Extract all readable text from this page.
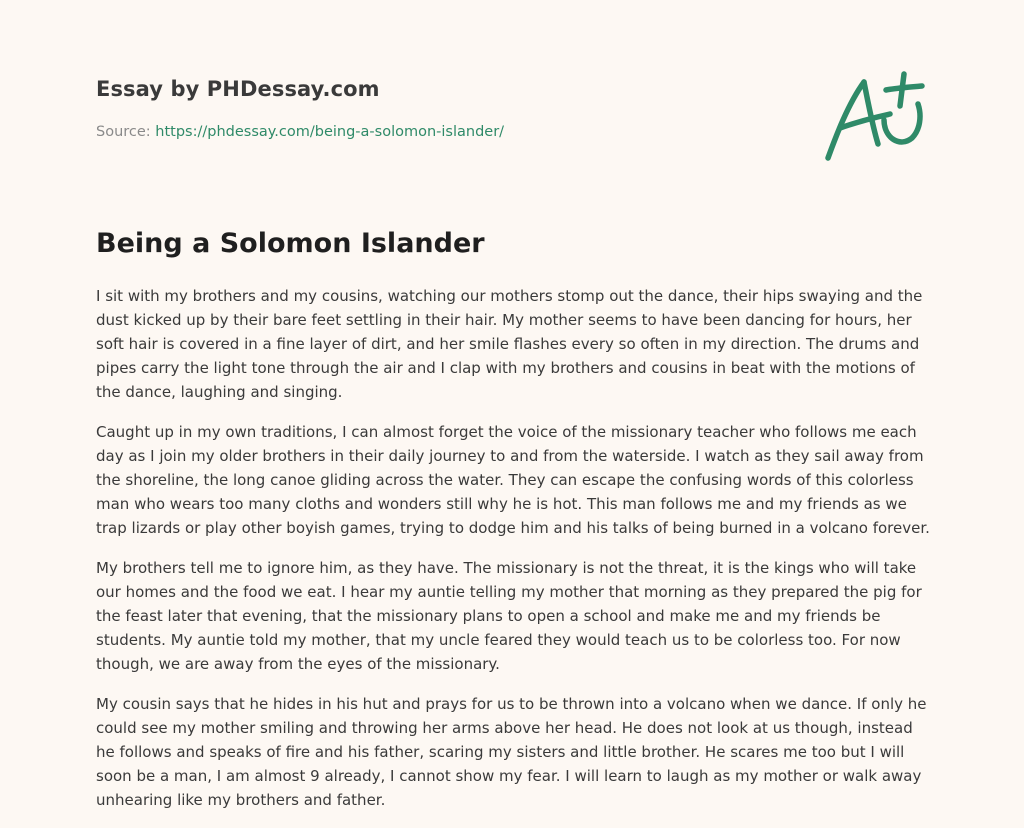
Essay by PHDessay.com
Source: https://phdessay.com/being-a-solomon-islander/
Being a Solomon Islander

I sit with my brothers and my cousins, watching our mothers stomp out the dance, their hips swaying and the dust kicked up by their bare feet settling in their hair. My mother seems to have been dancing for hours, her soft hair is covered in a fine layer of dirt, and her smile flashes every so often in my direction. The drums and pipes carry the light tone through the air and I clap with my brothers and cousins in beat with the motions of the dance, laughing and singing.

Caught up in my own traditions, I can almost forget the voice of the missionary teacher who follows me each day as I join my older brothers in their daily journey to and from the waterside. I watch as they sail away from the shoreline, the long canoe gliding across the water. They can escape the confusing words of this colorless man who wears too many cloths and wonders still why he is hot. This man follows me and my friends as we trap lizards or play other boyish games, trying to dodge him and his talks of being burned in a volcano forever.

My brothers tell me to ignore him, as they have. The missionary is not the threat, it is the kings who will take our homes and the food we eat. I hear my auntie telling my mother that morning as they prepared the pig for the feast later that evening, that the missionary plans to open a school and make me and my friends be students. My auntie told my mother, that my uncle feared they would teach us to be colorless too. For now though, we are away from the eyes of the missionary.

My cousin says that he hides in his hut and prays for us to be thrown into a volcano when we dance. If only he could see my mother smiling and throwing her arms above her head. He does not look at us though, instead he follows and speaks of fire and his father, scaring my sisters and little brother. He scares me too but I will soon be a man, I am almost 9 already, I cannot show my fear. I will learn to laugh as my mother or walk away unhearing like my brothers and father.
